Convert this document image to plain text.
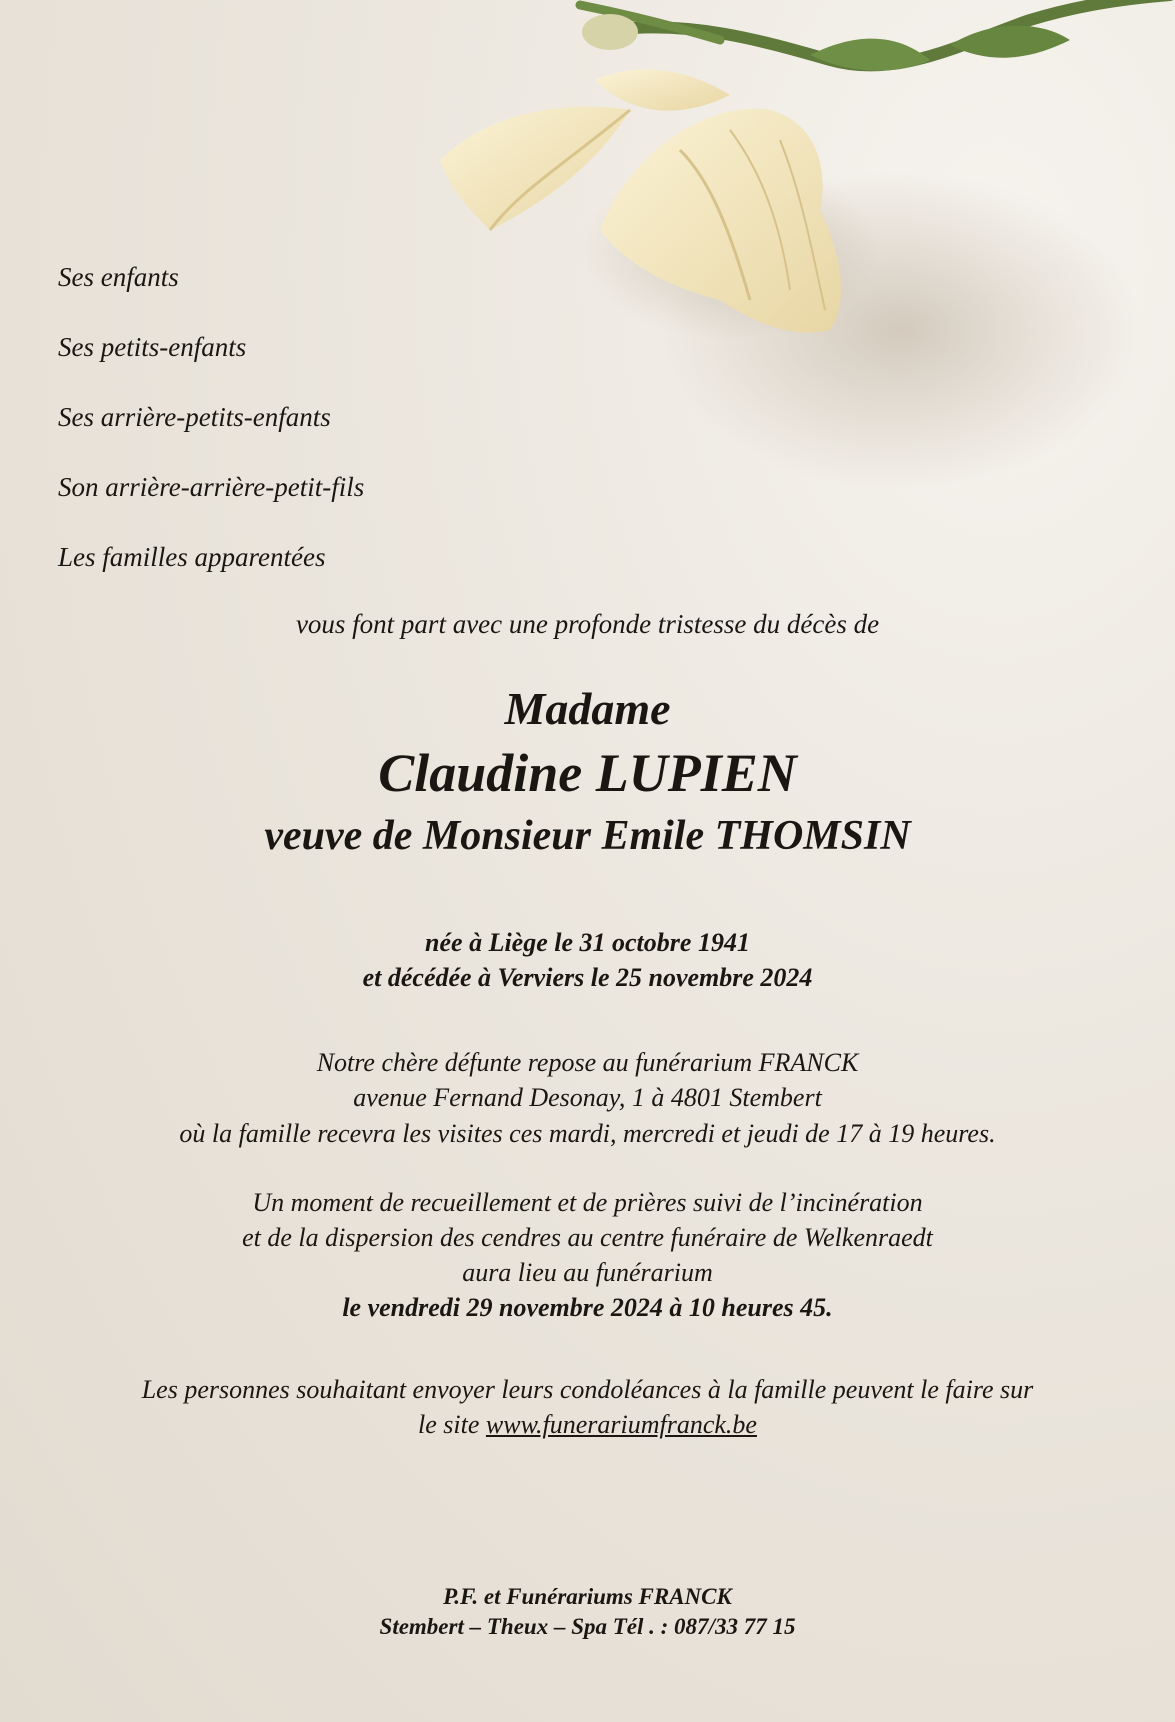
Ses enfants
Ses petits-enfants
Ses arrière-petits-enfants
Son arrière-arrière-petit-fils
Les familles apparentées
vous font part avec une profonde tristesse du décès de
Madame
Claudine LUPIEN
veuve de Monsieur Emile THOMSIN
née à Liège le 31 octobre 1941
et décédée à Verviers le 25 novembre 2024
Notre chère défunte repose au funérarium FRANCK
avenue Fernand Desonay, 1 à 4801 Stembert
où la famille recevra les visites ces mardi, mercredi et jeudi de 17 à 19 heures.
Un moment de recueillement et de prières suivi de l’incinération
et de la dispersion des cendres au centre funéraire de Welkenraedt
aura lieu au funérarium
le vendredi 29 novembre 2024 à 10 heures 45.
Les personnes souhaitant envoyer leurs condoléances à la famille peuvent le faire sur
le site www.funerariumfranck.be
P.F. et Funérariums FRANCK
Stembert – Theux – Spa Tél . : 087/33 77 15
